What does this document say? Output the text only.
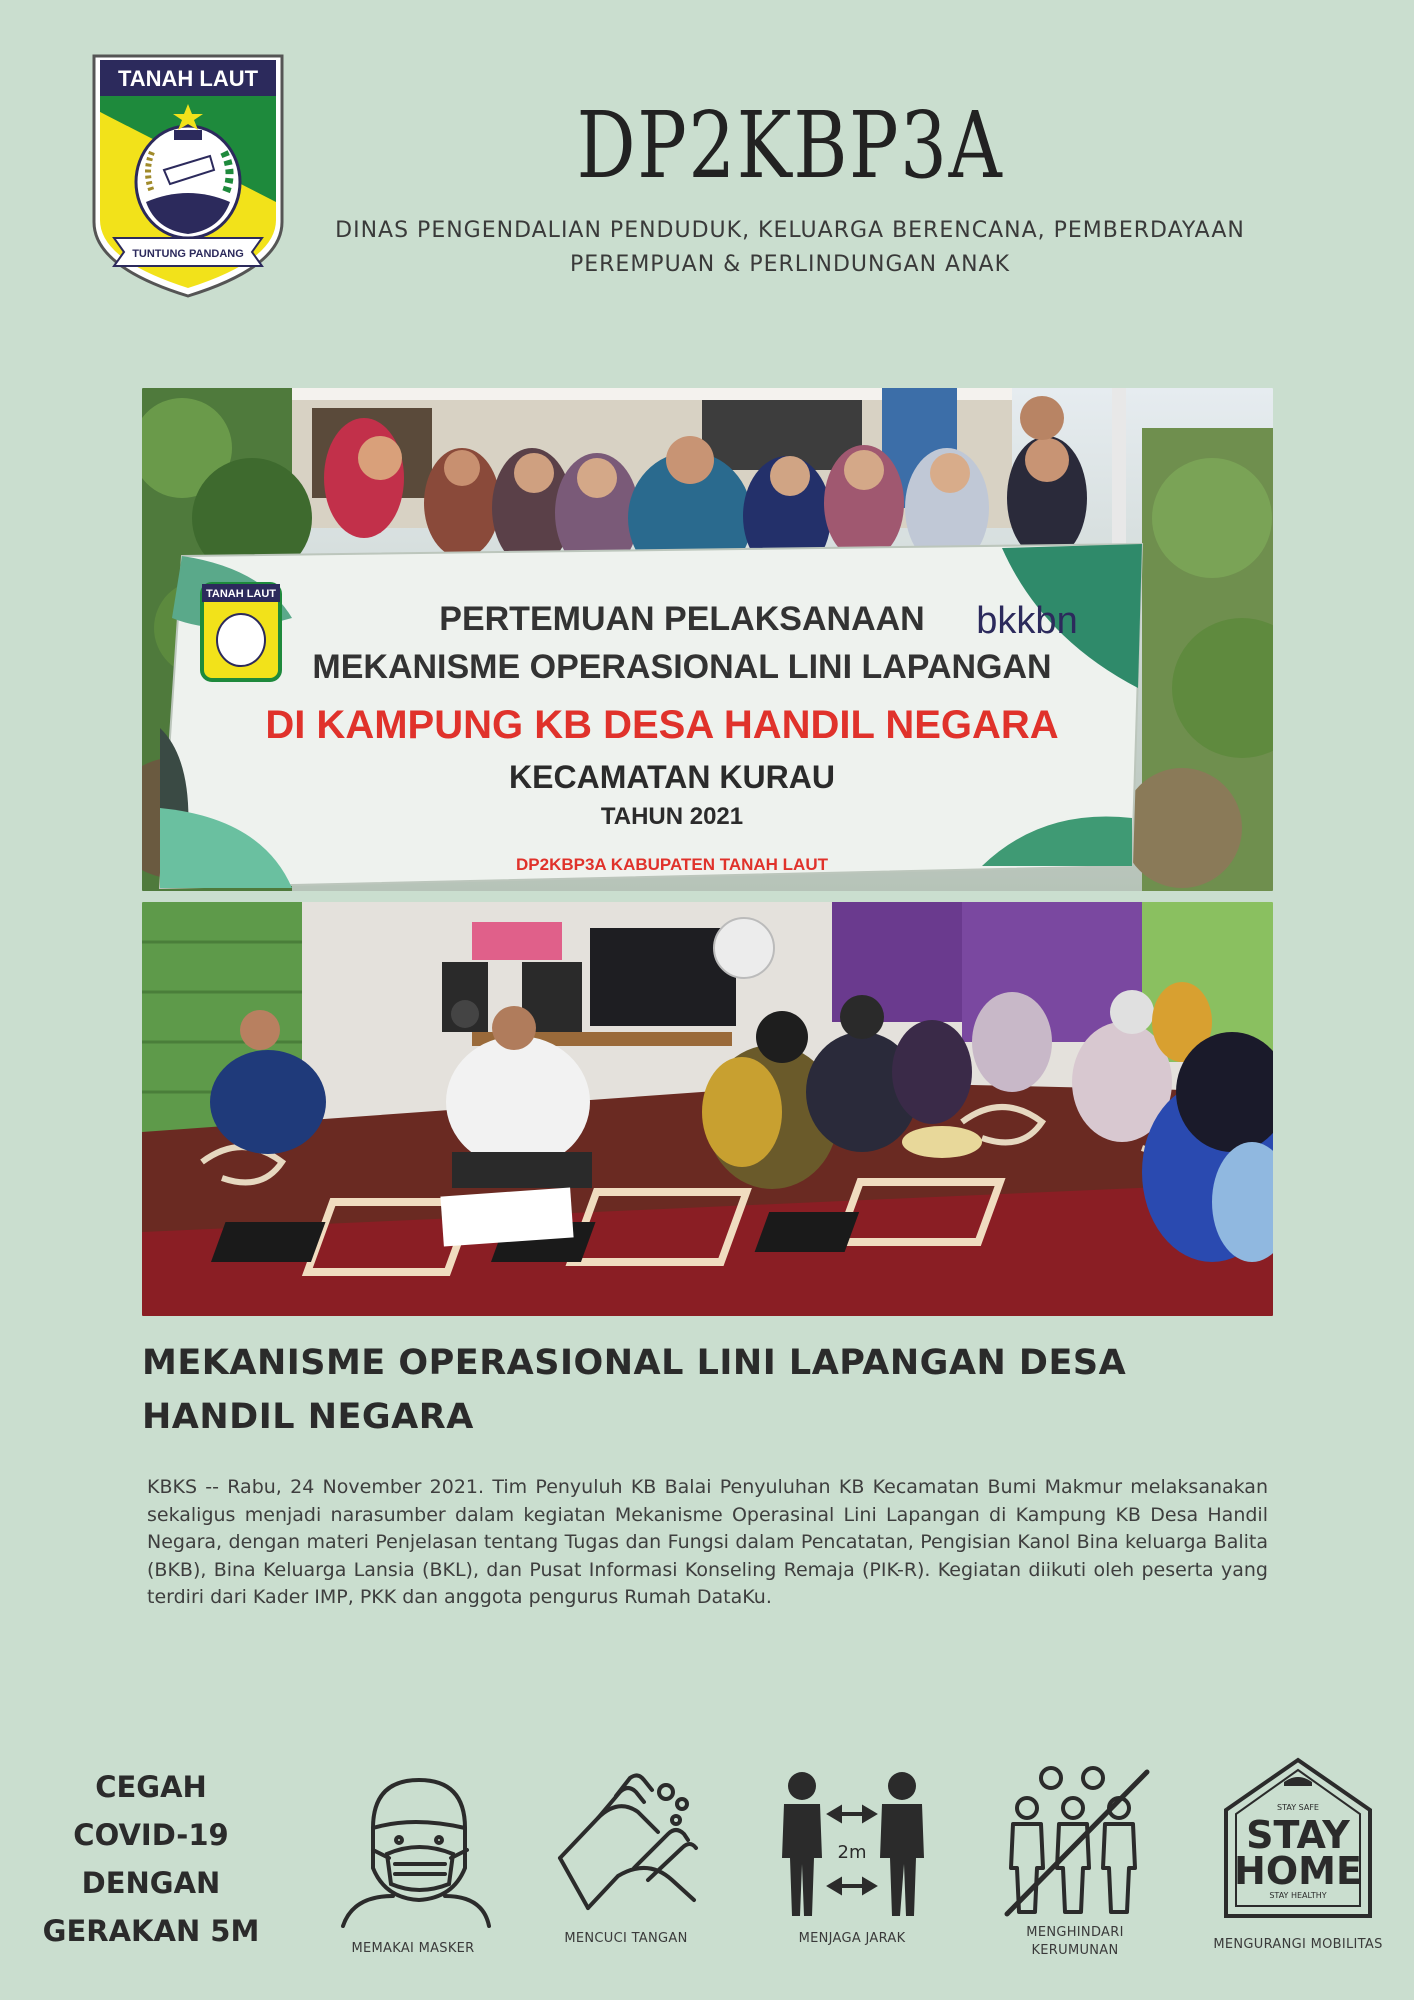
TANAH LAUT
TUNTUNG PANDANG
DP2KBP3A
DINAS PENGENDALIAN PENDUDUK, KELUARGA BERENCANA, PEMBERDAYAAN
PEREMPUAN & PERLINDUNGAN ANAK
TANAH LAUT
bkkbn
PERTEMUAN PELAKSANAAN
MEKANISME OPERASIONAL LINI LAPANGAN
DI KAMPUNG KB DESA HANDIL NEGARA
KECAMATAN KURAU
TAHUN 2021
DP2KBP3A KABUPATEN TANAH LAUT
MEKANISME OPERASIONAL LINI LAPANGAN DESA HANDIL NEGARA
KBKS -- Rabu, 24 November 2021. Tim Penyuluh KB Balai Penyuluhan KB Kecamatan Bumi Makmur melaksanakan sekaligus menjadi narasumber dalam kegiatan Mekanisme Operasinal Lini Lapangan di Kampung KB Desa Handil Negara, dengan materi Penjelasan tentang Tugas dan Fungsi dalam Pencatatan, Pengisian Kanol Bina keluarga Balita (BKB), Bina Keluarga Lansia (BKL), dan Pusat Informasi Konseling Remaja (PIK-R). Kegiatan diikuti oleh peserta yang terdiri dari Kader IMP, PKK dan anggota pengurus Rumah DataKu.
CEGAH
COVID-19
DENGAN
GERAKAN 5M
MEMAKAI MASKER
MENCUCI TANGAN
2m
MENJAGA JARAK	MENGHINDARI
KERUMUNAN
STAY SAFE
STAY
HOME
STAY HEALTHY
MENGURANGI MOBILITAS
